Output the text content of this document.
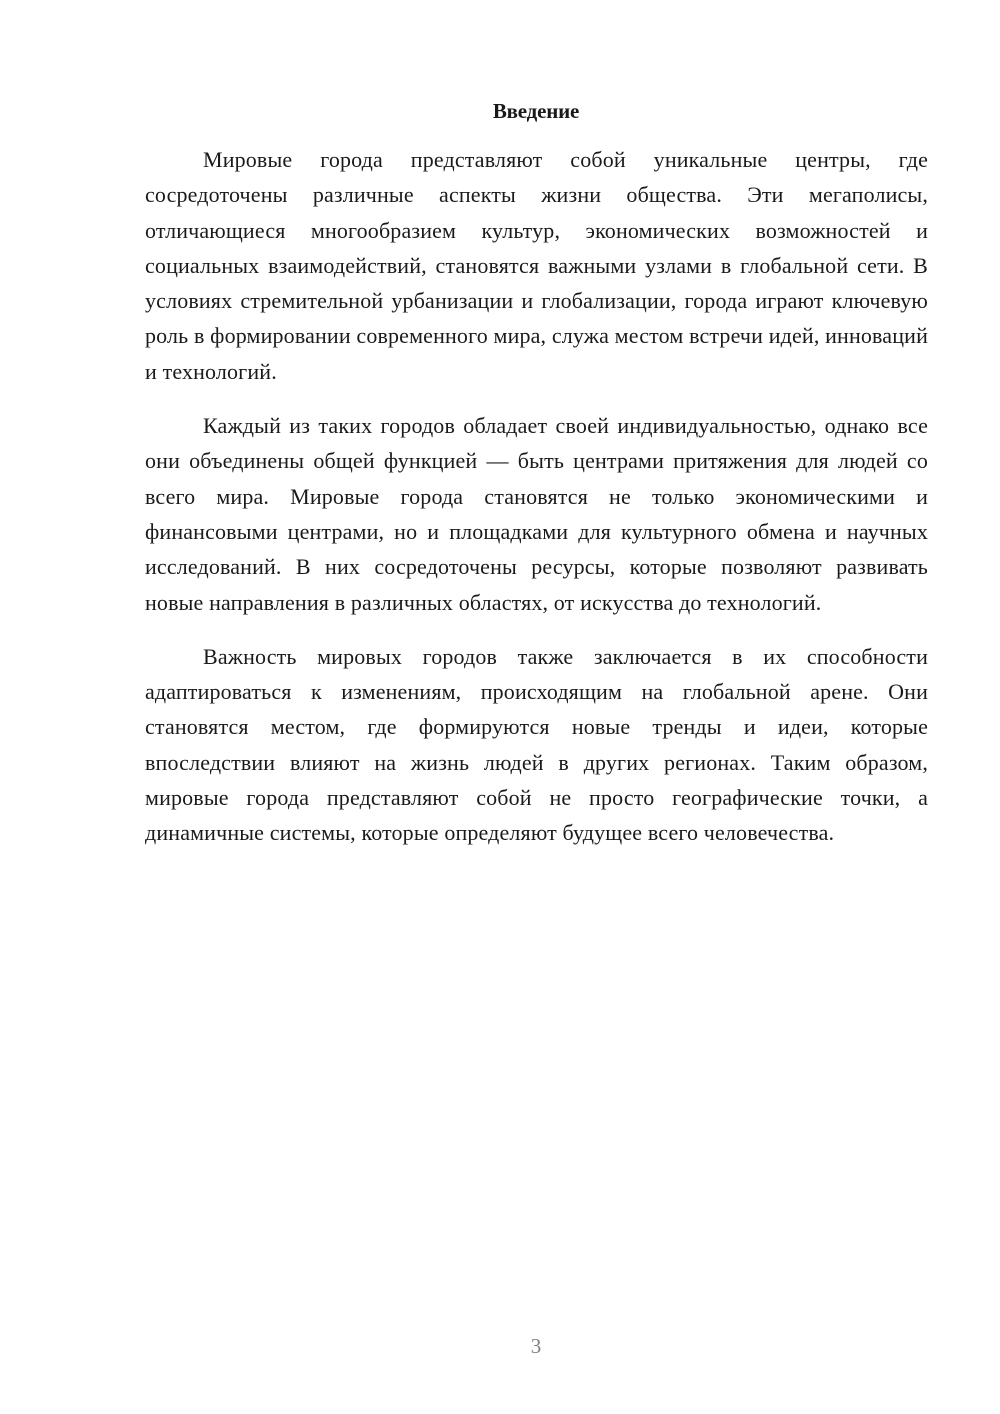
Введение

Мировые города представляют собой уникальные центры, где сосредоточены различные аспекты жизни общества. Эти мегаполисы, отличающиеся многообразием культур, экономических возможностей и социальных взаимодействий, становятся важными узлами в глобальной сети. В условиях стремительной урбанизации и глобализации, города играют ключевую роль в формировании современного мира, служа местом встречи идей, инноваций и технологий.

Каждый из таких городов обладает своей индивидуальностью, однако все они объединены общей функцией — быть центрами притяжения для людей со всего мира. Мировые города становятся не только экономическими и финансовыми центрами, но и площадками для культурного обмена и научных исследований. В них сосредоточены ресурсы, которые позволяют развивать новые направления в различных областях, от искусства до технологий.

Важность мировых городов также заключается в их способности адаптироваться к изменениям, происходящим на глобальной арене. Они становятся местом, где формируются новые тренды и идеи, которые впоследствии влияют на жизнь людей в других регионах. Таким образом, мировые города представляют собой не просто географические точки, а динамичные системы, которые определяют будущее всего человечества.

3
